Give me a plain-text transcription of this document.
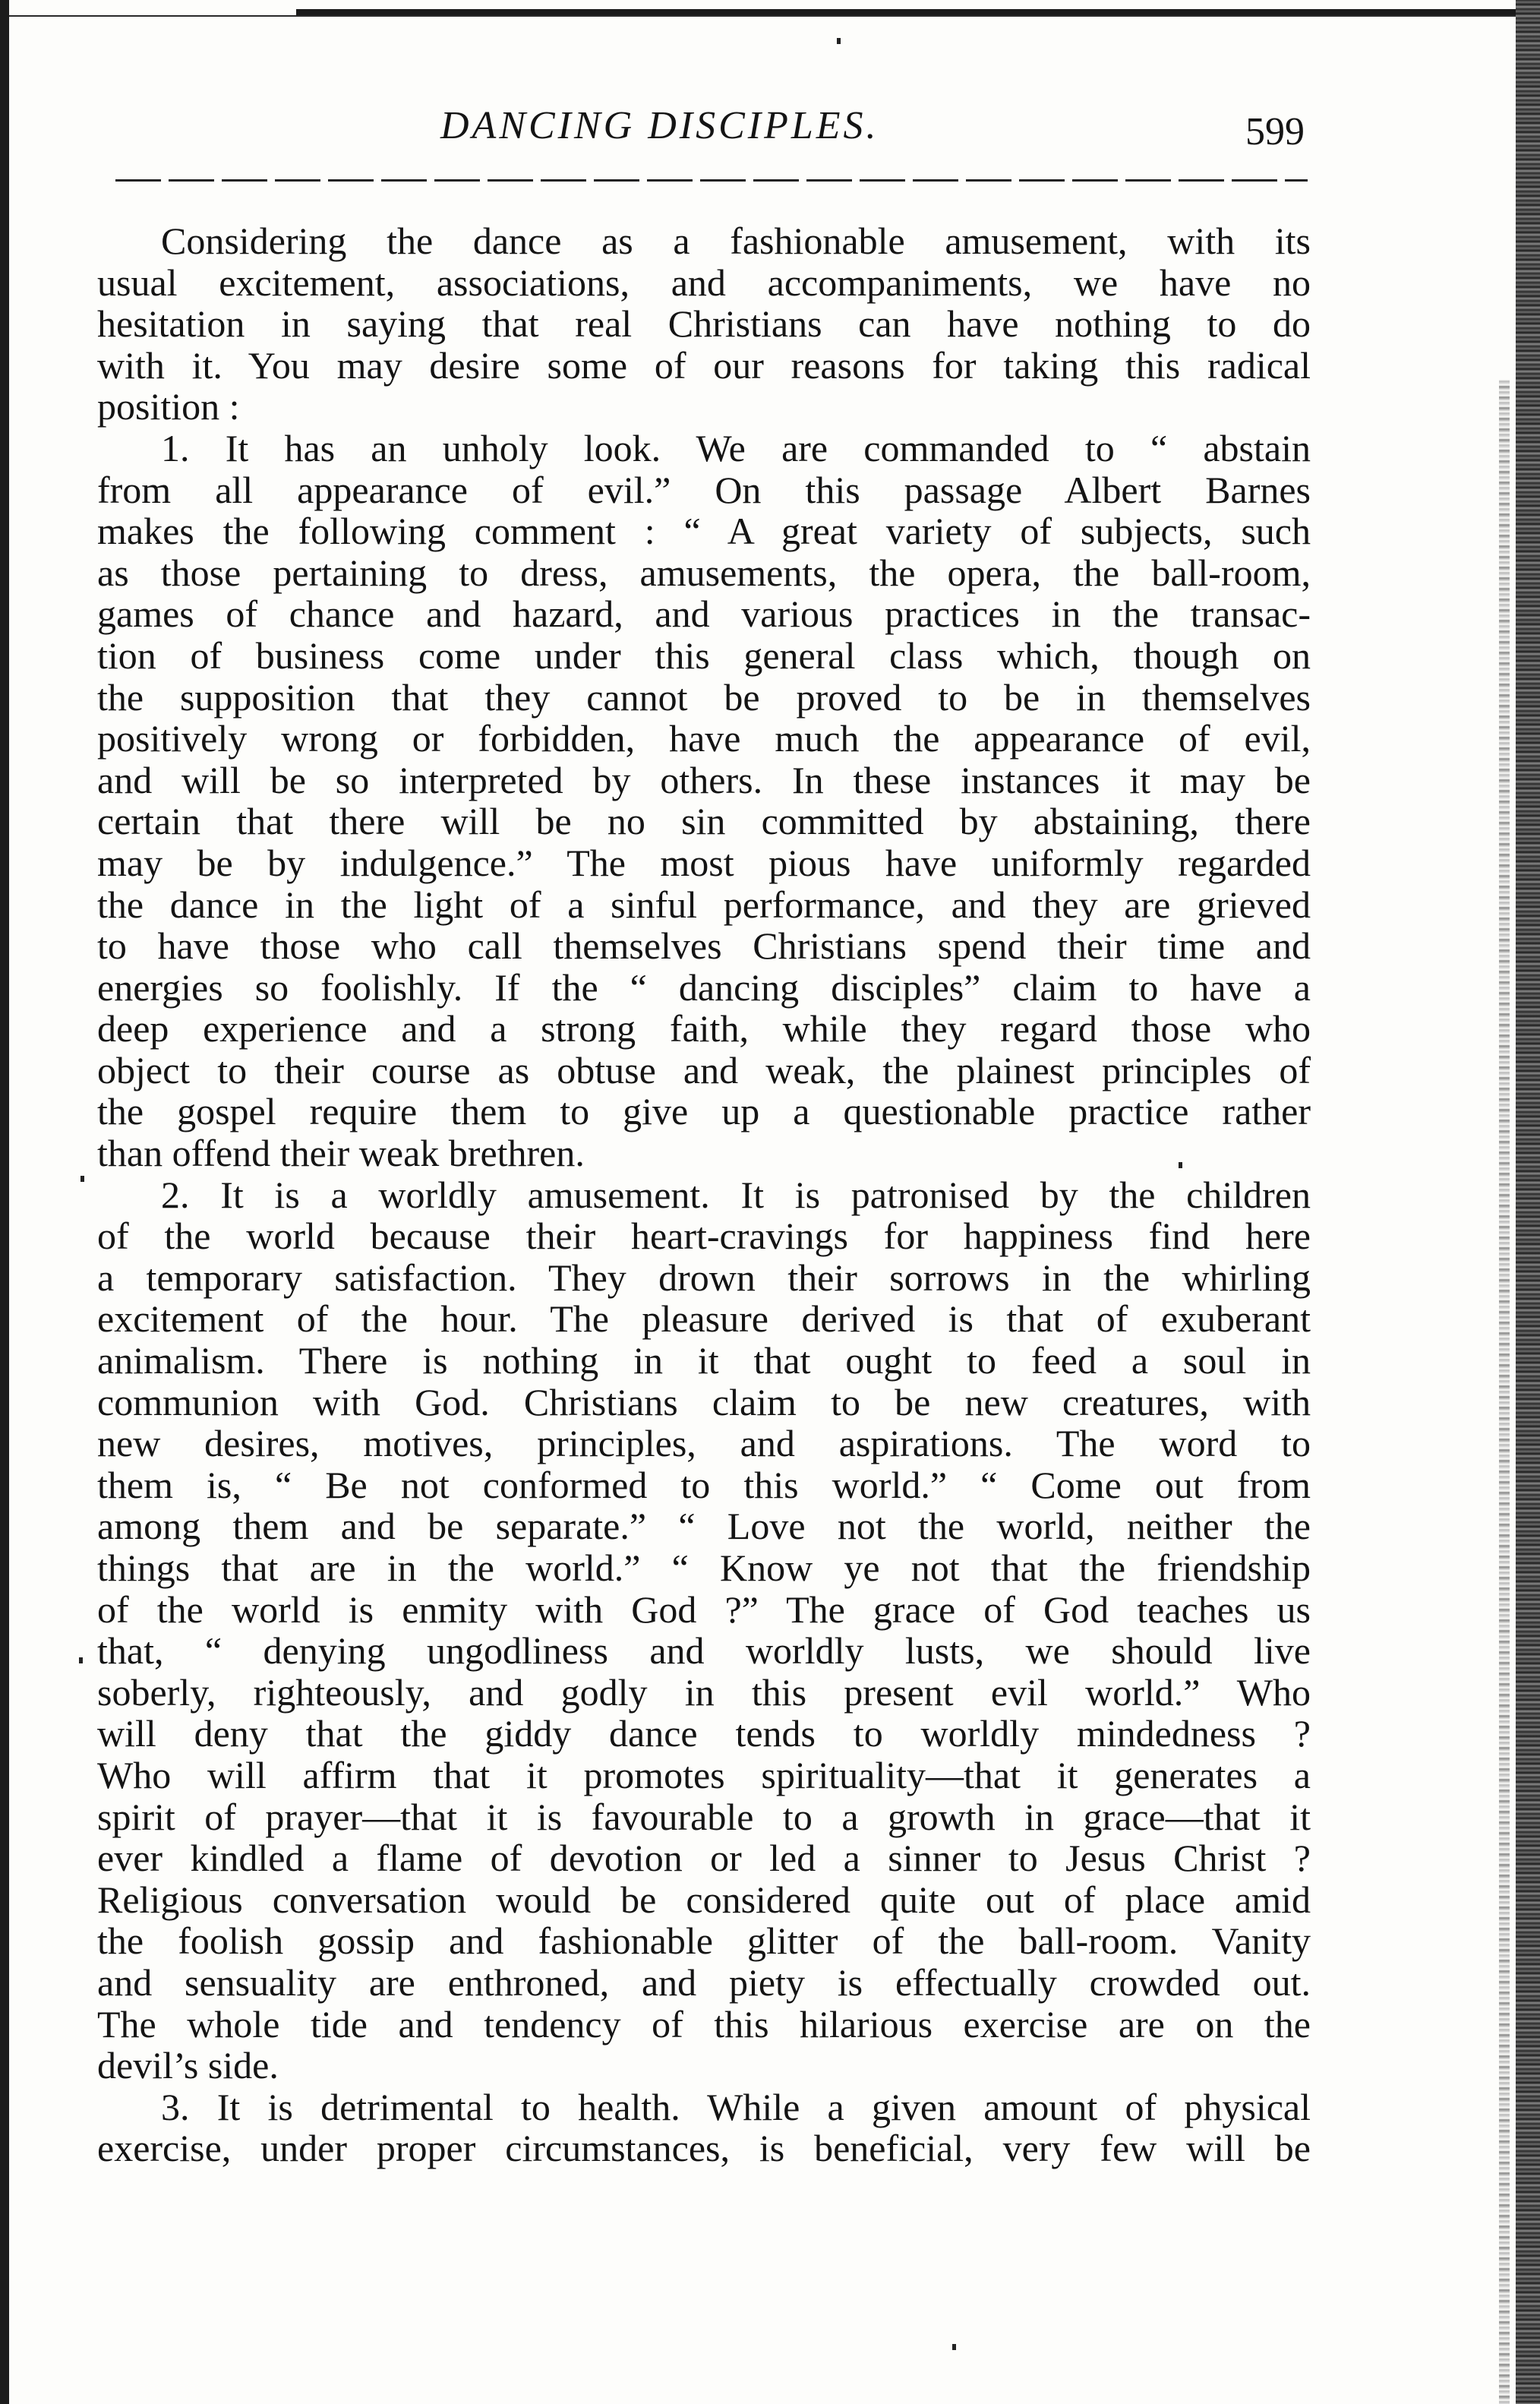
DANCING DISCIPLES.	599
Considering the dance as a fashionable amusement, with its
usual excitement, associations, and accompaniments, we have no
hesitation in saying that real Christians can have nothing to do
with it. You may desire some of our reasons for taking this radical
position :
1. It has an unholy look. We are commanded to “ abstain
from all appearance of evil.” On this passage Albert Barnes
makes the following comment : “ A great variety of subjects, such
as those pertaining to dress, amusements, the opera, the ball-room,
games of chance and hazard, and various practices in the transac-
tion of business come under this general class which, though on
the supposition that they cannot be proved to be in themselves
positively wrong or forbidden, have much the appearance of evil,
and will be so interpreted by others. In these instances it may be
certain that there will be no sin committed by abstaining, there
may be by indulgence.” The most pious have uniformly regarded
the dance in the light of a sinful performance, and they are grieved
to have those who call themselves Christians spend their time and
energies so foolishly. If the “ dancing disciples” claim to have a
deep experience and a strong faith, while they regard those who
object to their course as obtuse and weak, the plainest principles of
the gospel require them to give up a questionable practice rather
than offend their weak brethren.
2. It is a worldly amusement. It is patronised by the children
of the world because their heart-cravings for happiness find here
a temporary satisfaction. They drown their sorrows in the whirling
excitement of the hour. The pleasure derived is that of exuberant
animalism. There is nothing in it that ought to feed a soul in
communion with God. Christians claim to be new creatures, with
new desires, motives, principles, and aspirations. The word to
them is, “ Be not conformed to this world.” “ Come out from
among them and be separate.” “ Love not the world, neither the
things that are in the world.” “ Know ye not that the friendship
of the world is enmity with God ?” The grace of God teaches us
that, “ denying ungodliness and worldly lusts, we should live
soberly, righteously, and godly in this present evil world.” Who
will deny that the giddy dance tends to worldly mindedness ?
Who will affirm that it promotes spirituality—that it generates a
spirit of prayer—that it is favourable to a growth in grace—that it
ever kindled a flame of devotion or led a sinner to Jesus Christ ?
Religious conversation would be considered quite out of place amid
the foolish gossip and fashionable glitter of the ball-room. Vanity
and sensuality are enthroned, and piety is effectually crowded out.
The whole tide and tendency of this hilarious exercise are on the
devil’s side.
3. It is detrimental to health. While a given amount of physical
exercise, under proper circumstances, is beneficial, very few will be
